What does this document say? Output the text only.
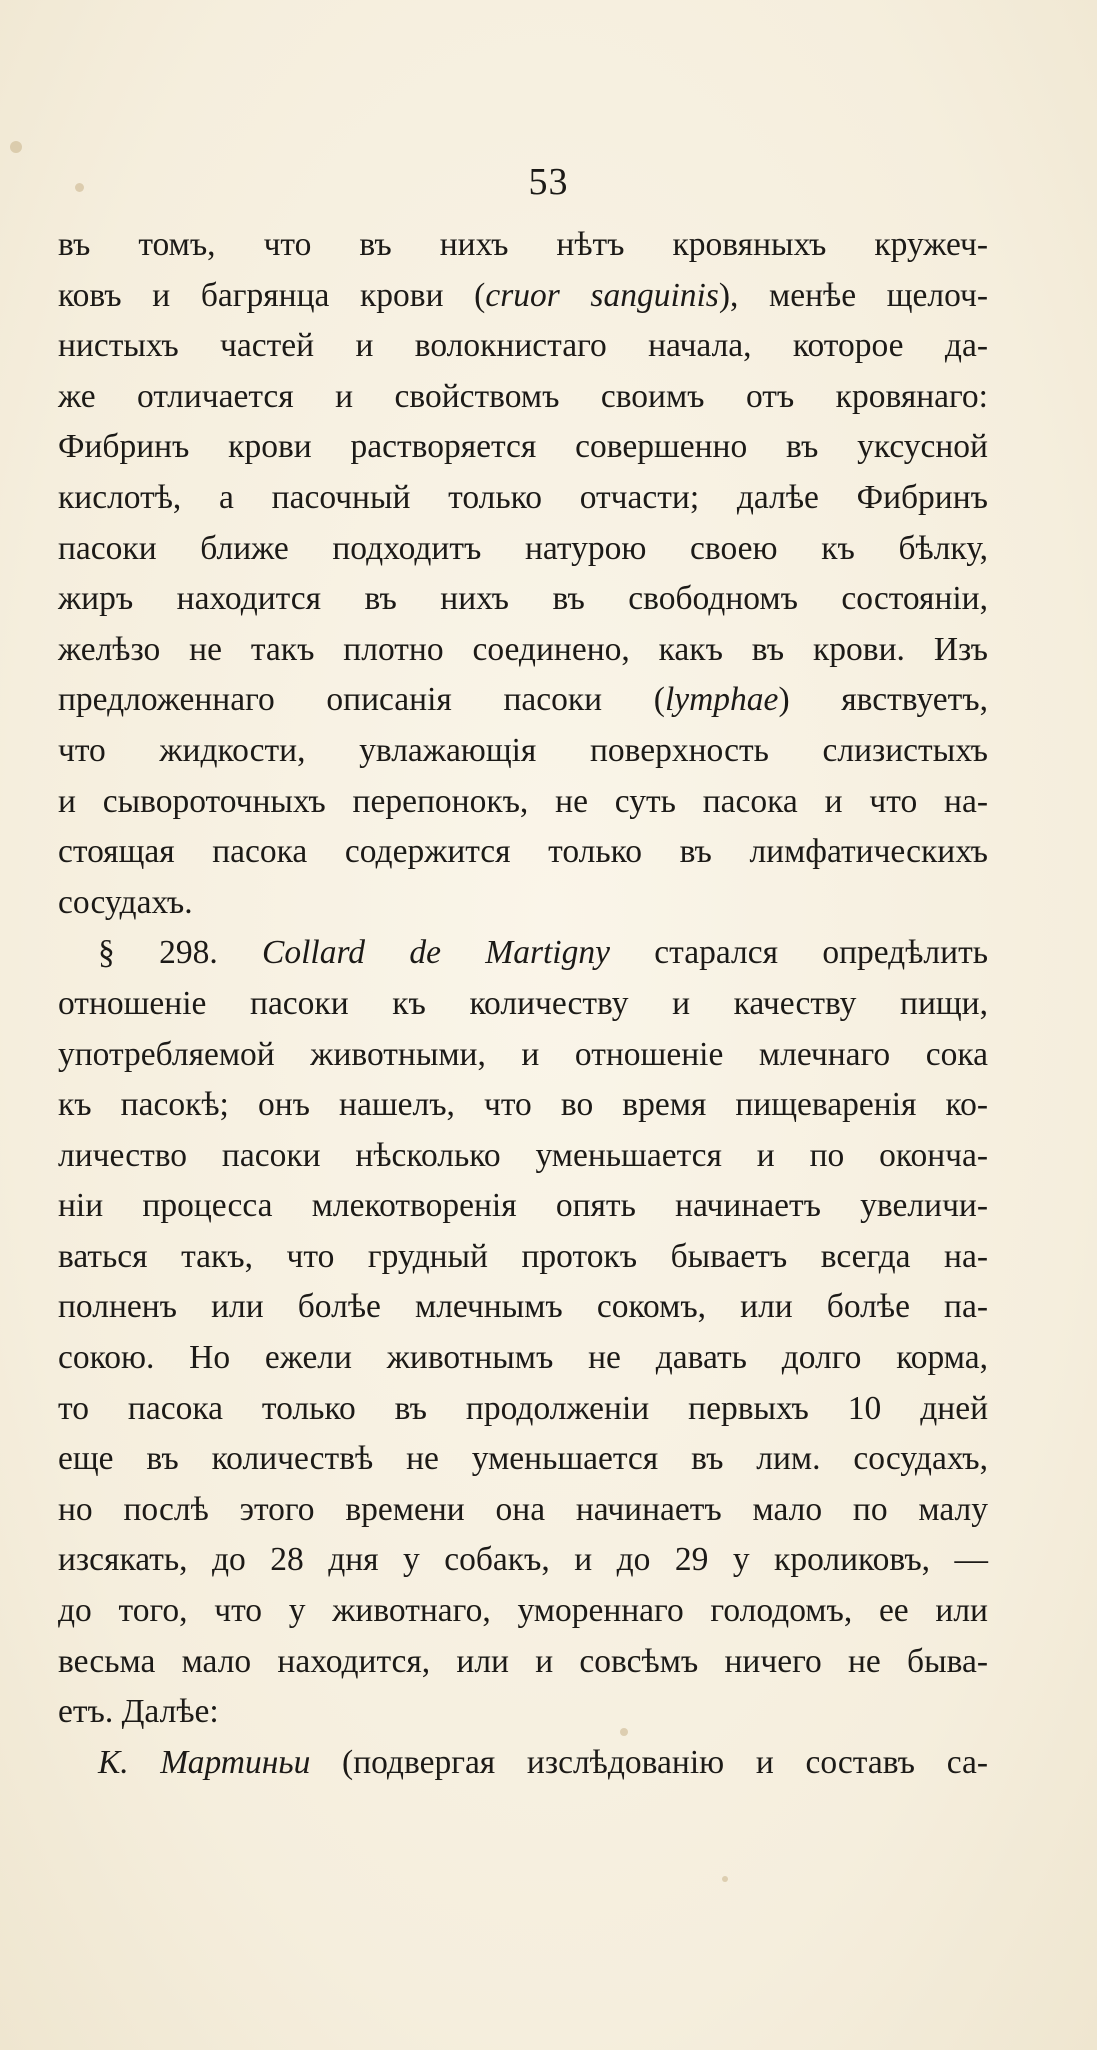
53
въ томъ, что въ нихъ нѣтъ кровяныхъ кружеч-
ковъ и багрянца крови (cruor sanguinis), менѣе щелоч-
нистыхъ частей и волокнистаго начала, которое да-
же отличается и свойствомъ своимъ отъ кровянаго:
Фибринъ крови растворяется совершенно въ уксусной
кислотѣ, а пасочный только отчасти; далѣе Фибринъ
пасоки ближе подходитъ натурою своею къ бѣлку,
жиръ находится въ нихъ въ свободномъ состояніи,
желѣзо не такъ плотно соединено, какъ въ крови. Изъ
предложеннаго описанія пасоки (lymphae) явствуетъ,
что жидкости, увлажающія поверхность слизистыхъ
и сывороточныхъ перепонокъ, не суть пасока и что на-
стоящая пасока содержится только въ лимфатическихъ
сосудахъ.
§ 298. Collard de Martigny старался опредѣлить
отношеніе пасоки къ количеству и качеству пищи,
употребляемой животными, и отношеніе млечнаго сока
къ пасокѣ; онъ нашелъ, что во время пищеваренія ко-
личество пасоки нѣсколько уменьшается и по оконча-
ніи процесса млекотворенія опять начинаетъ увеличи-
ваться такъ, что грудный протокъ бываетъ всегда на-
полненъ или болѣе млечнымъ сокомъ, или болѣе па-
сокою. Но ежели животнымъ не давать долго корма,
то пасока только въ продолженіи первыхъ 10 дней
еще въ количествѣ не уменьшается въ лим. сосудахъ,
но послѣ этого времени она начинаетъ мало по малу
изсякать, до 28 дня у собакъ, и до 29 у кроликовъ, —
до того, что у животнаго, уморeннаго голодомъ, ее или
весьма мало находится, или и совсѣмъ ничего не быва-
етъ. Далѣе:
К. Мартиньи (подвергая изслѣдованію и составъ са-
